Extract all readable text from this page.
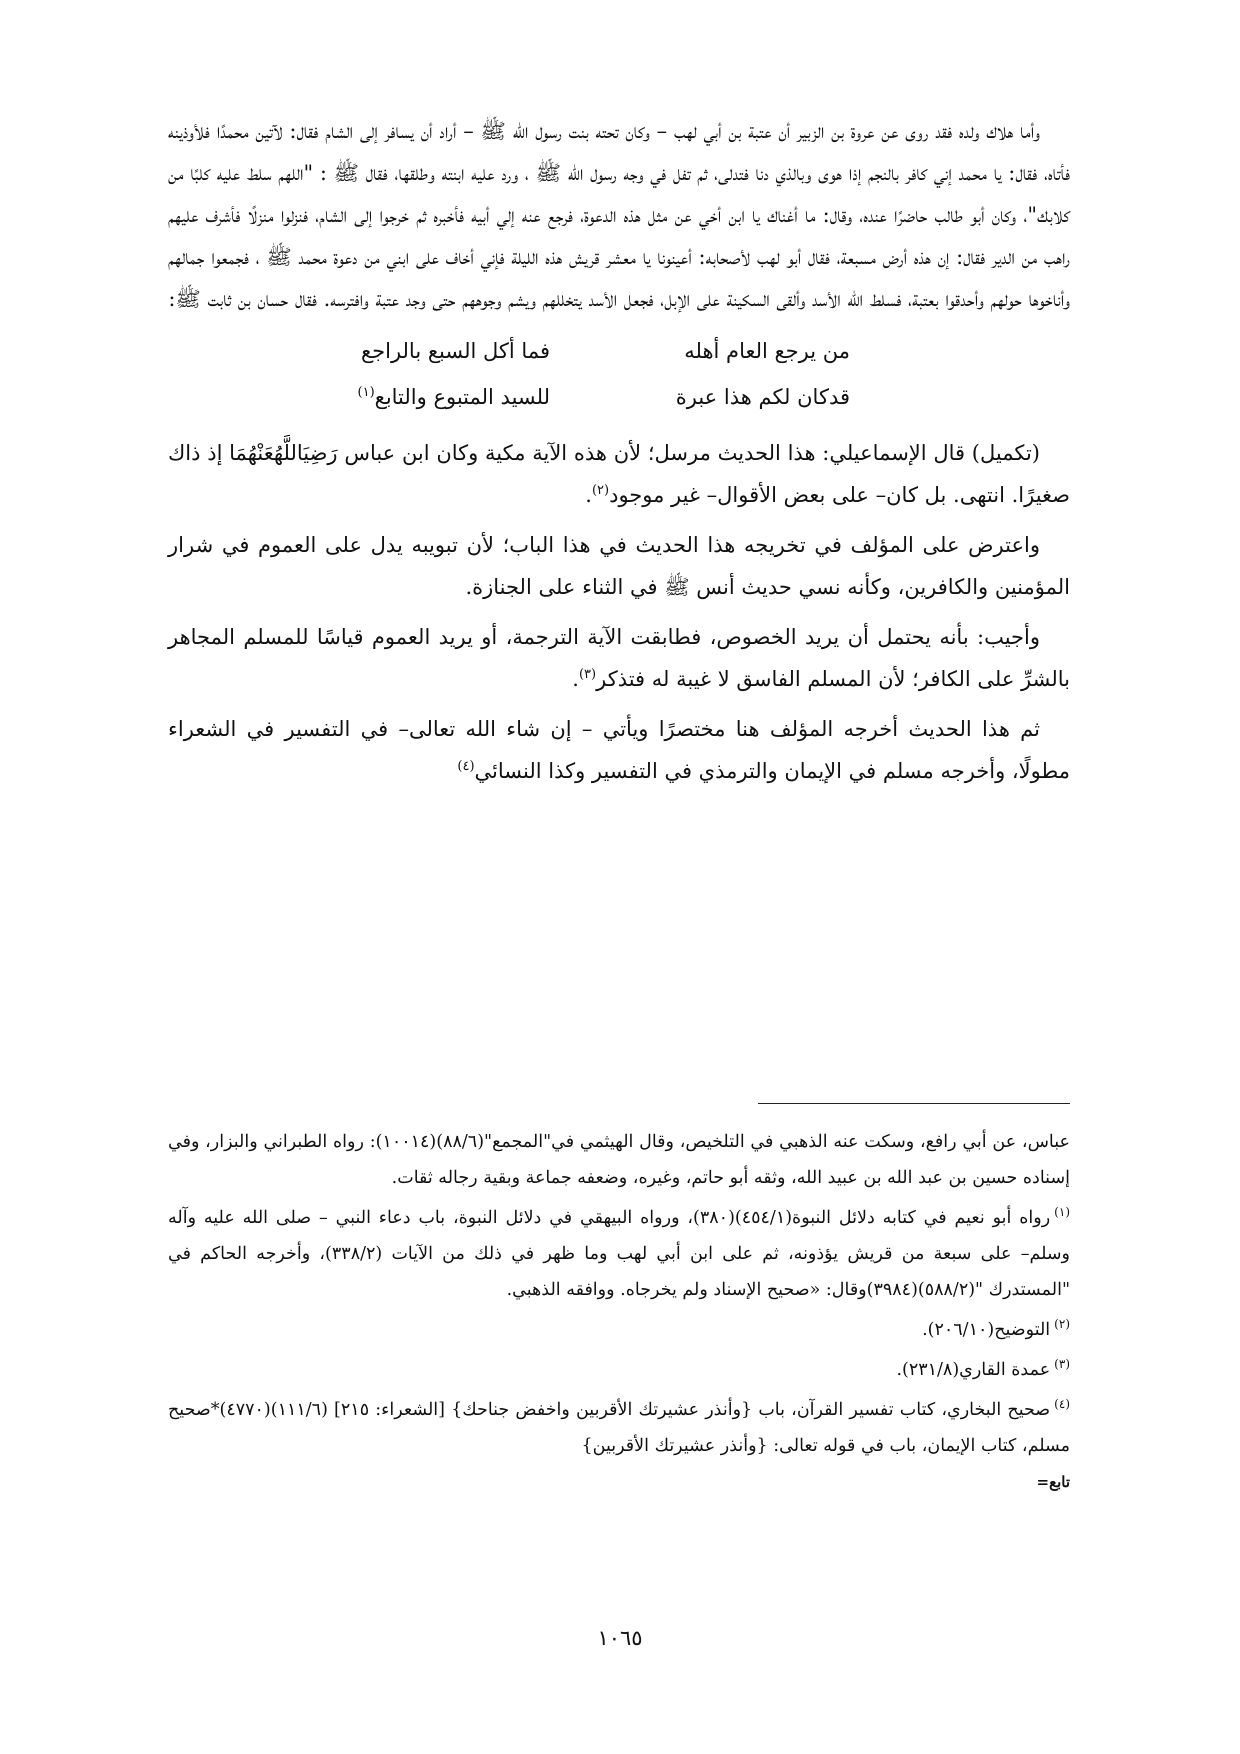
وأما هلاك ولده فقد روى عن عروة بن الزبير أن عتبة بن أبي لهب – وكان تحته بنت رسول الله ﷺ – أراد أن يسافر إلى الشام فقال: لآتين محمدًا فلأوذينه فأتاه، فقال: يا محمد إني كافر بالنجم إذا هوى وبالذي دنا فتدلى، ثم تفل في وجه رسول الله ﷺ ، ورد عليه ابنته وطلقها، فقال ﷺ : "اللهم سلط عليه كلبًا من كلابك"، وكان أبو طالب حاضرًا عنده، وقال: ما أغناك يا ابن أخي عن مثل هذه الدعوة، فرجع عنه إلي أبيه فأخبره ثم خرجوا إلى الشام، فنزلوا منزلًا فأشرف عليهم راهب من الدير فقال: إن هذه أرض مسبعة، فقال أبو لهب لأصحابه: أعينونا يا معشر قريش هذه الليلة فإني أخاف على ابني من دعوة محمد ﷺ ، فجمعوا جمالهم وأناخوها حولهم وأحدقوا بعتبة، فسلط الله الأسد وألقى السكينة على الإبل، فجعل الأسد يتخللهم ويشم وجوههم حتى وجد عتبة وافترسه. فقال حسان بن ثابت ﷺ:

من يرجع العام أهله
فما أكل السبع بالراجع
قدكان لكم هذا عبرة
للسيد المتبوع والتابع$^{(١)}$

(تكميل) قال الإسماعيلي: هذا الحديث مرسل؛ لأن هذه الآية مكية وكان ابن عباس رَضِيَاللَّهُعَنْهُمَا إذ ذاك صغيرًا. انتهى. بل كان– على بعض الأقوال– غير موجود$^{(٢)}$.

واعترض على المؤلف في تخريجه هذا الحديث في هذا الباب؛ لأن تبويبه يدل على العموم في شرار المؤمنين والكافرين، وكأنه نسي حديث أنس ﷺ في الثناء على الجنازة.

وأجيب: بأنه يحتمل أن يريد الخصوص، فطابقت الآية الترجمة، أو يريد العموم قياسًا للمسلم المجاهر بالشرِّ على الكافر؛ لأن المسلم الفاسق لا غيبة له فتذكر$^{(٣)}$.

ثم هذا الحديث أخرجه المؤلف هنا مختصرًا ويأتي – إن شاء الله تعالى– في التفسير في الشعراء مطولًا، وأخرجه مسلم في الإيمان والترمذي في التفسير وكذا النسائي$^{(٤)}$

عباس، عن أبي رافع، وسكت عنه الذهبي في التلخيص، وقال الهيثمي في"المجمع"(٨٨/٦)(١٠٠١٤): رواه الطبراني والبزار، وفي إسناده حسين بن عبد الله بن عبيد الله، وثقه أبو حاتم، وغيره، وضعفه جماعة وبقية رجاله ثقات.

$^{(١)}$رواه أبو نعيم في كتابه دلائل النبوة(٤٥٤/١)(٣٨٠)، ورواه البيهقي في دلائل النبوة، باب دعاء النبي – صلى الله عليه وآله وسلم– على سبعة من قريش يؤذونه، ثم على ابن أبي لهب وما ظهر في ذلك من الآيات (٣٣٨/٢)، وأخرجه الحاكم في "المستدرك "(٥٨٨/٢)(٣٩٨٤)وقال: «صحيح الإسناد ولم يخرجاه. ووافقه الذهبي.

$^{(٢)}$التوضيح(٢٠٦/١٠).

$^{(٣)}$عمدة القاري(٢٣١/٨).

$^{(٤)}$صحيح البخاري، كتاب تفسير القرآن، باب {وأنذر عشيرتك الأقربين واخفض جناحك} [الشعراء: ٢١٥] (١١١/٦)(٤٧٧٠)*صحيح مسلم، كتاب الإيمان، باب في قوله تعالى: {وأنذر عشيرتك الأقربين}

تابع=
١٠٦٥
